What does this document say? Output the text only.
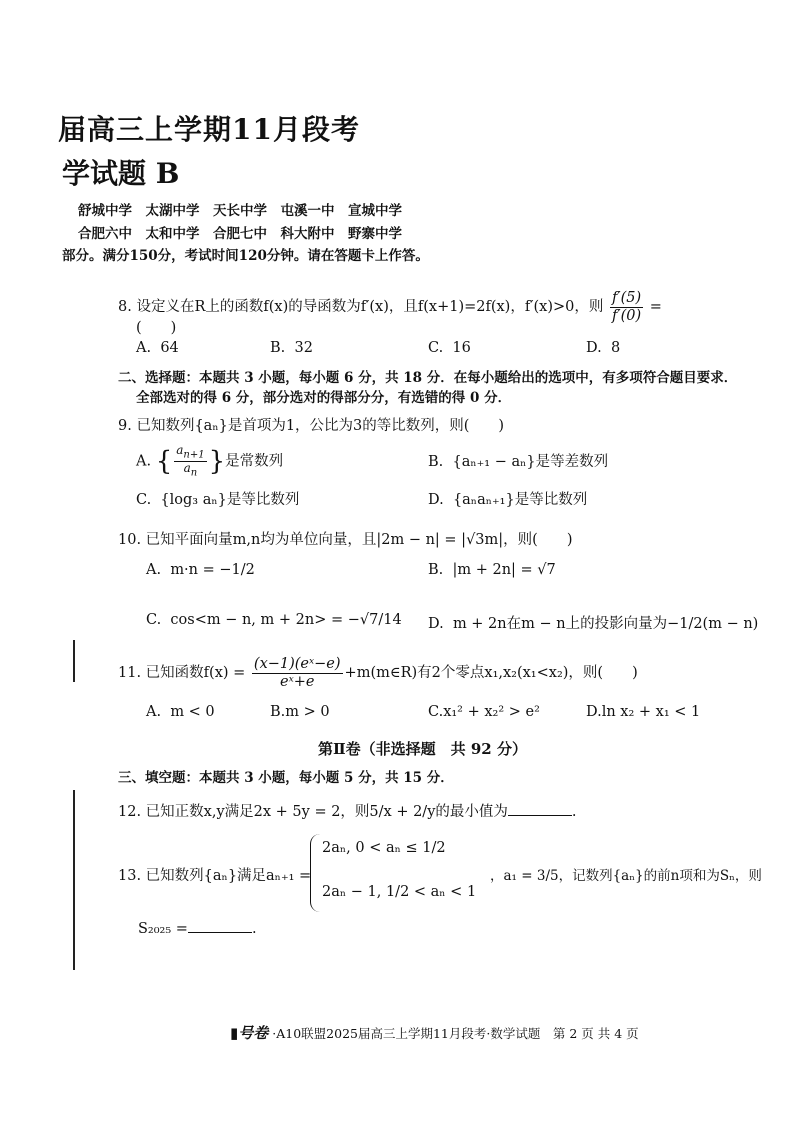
届高三上学期11月段考
学试题 B
舒城中学　太湖中学　天长中学　屯溪一中　宣城中学
合肥六中　太和中学　合肥七中　科大附中　野寨中学
部分。满分150分，考试时间120分钟。请在答题卡上作答。
8. 设定义在R上的函数f(x)的导函数为f′(x)，且f(x+1)=2f(x)，f′(x)>0，则 $\frac{f'(5)}{f'(0)}$ =
(　　)
A. 64	B. 32	C. 16	D. 8
二、选择题：本题共 3 小题，每小题 6 分，共 18 分．在每小题给出的选项中，有多项符合题目要求．
全部选对的得 6 分，部分选对的得部分分，有选错的得 0 分．
9. 已知数列{aₙ}是首项为1，公比为3的等比数列，则(　　)
A. { $\frac{a_{n+1}}{a_n}$ }是常数列	B. {aₙ₊₁ − aₙ}是等差数列
C. {log₃ aₙ}是等比数列	D. {aₙaₙ₊₁}是等比数列
10. 已知平面向量m,n均为单位向量，且|2m − n| = |√3m|，则(　　)
A. m·n = −1/2	B. |m + 2n| = √7
C. cos<m − n, m + 2n> = −√7/14 D. m + 2n在m − n上的投影向量为−1/2(m − n)
11. 已知函数$f(x) = \frac{\text{(x−1)(eˣ−e)}}{\text{eˣ+e}}$ +m(m∈R)有2个零点x₁,x₂(x₁<x₂)，则(　　)
A. m < 0	B.m > 0	C.x₁² + x₂² > e²	D.ln x₂ + x₁ < 1
第Ⅱ卷（非选择题　共 92 分）
三、填空题：本题共 3 小题，每小题 5 分，共 15 分．
12. 已知正数x,y满足2x + 5y = 2，则5/x + 2/y的最小值为	.
13. 已知数列{aₙ}满足aₙ₊₁ =
2aₙ, 0 < aₙ ≤ 1/2
2aₙ − 1, 1/2 < aₙ < 1
，a₁ = 3/5，记数列{aₙ}的前n项和为Sₙ，则
S₂₀₂₅ =	.
▮号卷 ·A10联盟2025届高三上学期11月段考·数学试题　第 2 页 共 4 页
